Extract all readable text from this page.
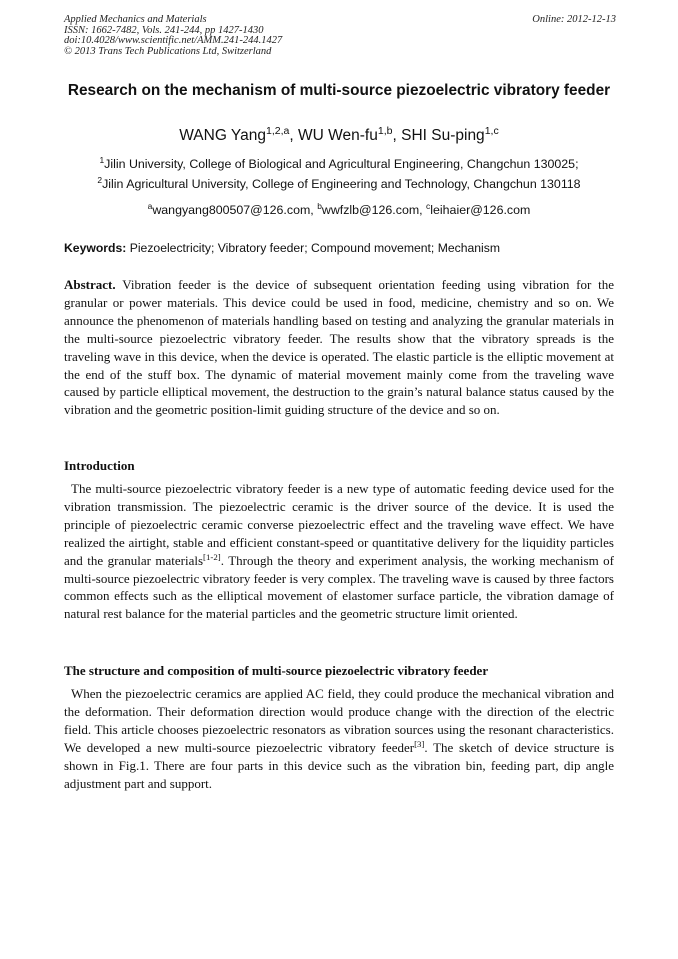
Applied Mechanics and Materials
ISSN: 1662-7482, Vols. 241-244, pp 1427-1430
doi:10.4028/www.scientific.net/AMM.241-244.1427
© 2013 Trans Tech Publications Ltd, Switzerland
Online: 2012-12-13
Research on the mechanism of multi-source piezoelectric vibratory feeder
WANG Yang$^{1,2,a}$, WU Wen-fu$^{1,b}$, SHI Su-ping$^{1,c}$
$^1$Jilin University, College of Biological and Agricultural Engineering, Changchun 130025;
$^2$Jilin Agricultural University, College of Engineering and Technology, Changchun 130118
$^a$wangyang800507@126.com, $^b$wwfzlb@126.com, $^c$leihaier@126.com
Keywords: Piezoelectricity; Vibratory feeder; Compound movement; Mechanism
Abstract. Vibration feeder is the device of subsequent orientation feeding using vibration for the granular or power materials. This device could be used in food, medicine, chemistry and so on. We announce the phenomenon of materials handling based on testing and analyzing the granular materials in the multi-source piezoelectric vibratory feeder. The results show that the vibratory spreads is the traveling wave in this device, when the device is operated. The elastic particle is the elliptic movement at the end of the stuff box. The dynamic of material movement mainly come from the traveling wave caused by particle elliptical movement, the destruction to the grain’s natural balance status caused by the vibration and the geometric position-limit guiding structure of the device and so on.
Introduction
The multi-source piezoelectric vibratory feeder is a new type of automatic feeding device used for the vibration transmission. The piezoelectric ceramic is the driver source of the device. It is used the principle of piezoelectric ceramic converse piezoelectric effect and the traveling wave effect. We have realized the airtight, stable and efficient constant-speed or quantitative delivery for the liquidity particles and the granular materials[1-2]. Through the theory and experiment analysis, the working mechanism of multi-source piezoelectric vibratory feeder is very complex. The traveling wave is caused by three factors common effects such as the elliptical movement of elastomer surface particle, the vibration damage of natural rest balance for the material particles and the geometric structure limit oriented.
The structure and composition of multi-source piezoelectric vibratory feeder
When the piezoelectric ceramics are applied AC field, they could produce the mechanical vibration and the deformation. Their deformation direction would produce change with the direction of the electric field. This article chooses piezoelectric resonators as vibration sources using the resonant characteristics. We developed a new multi-source piezoelectric vibratory feeder[3]. The sketch of device structure is shown in Fig.1. There are four parts in this device such as the vibration bin, feeding part, dip angle adjustment part and support.
